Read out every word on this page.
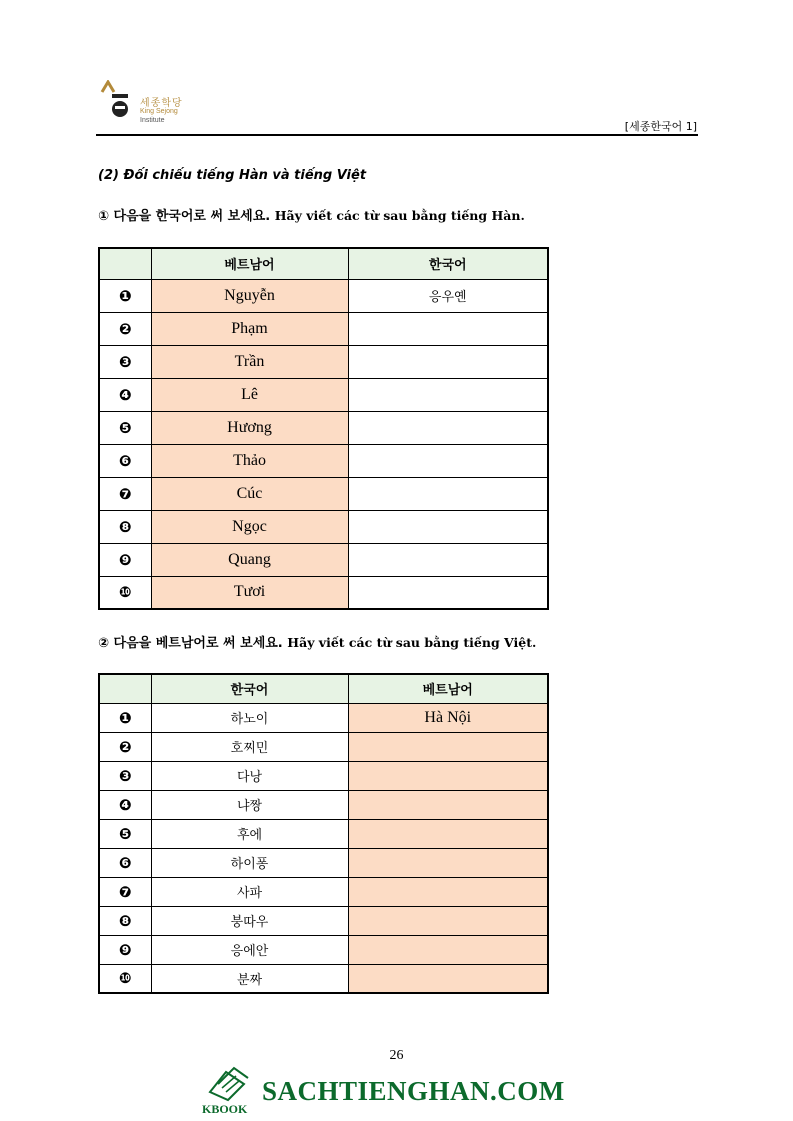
세종학당
King Sejong
Institute	[세종한국어 1]
(2) Đối chiếu tiếng Hàn và tiếng Việt
① 다음을 한국어로 써 보세요. Hãy viết các từ sau bằng tiếng Hàn.
	베트남어	한국어
❶	Nguyễn	응우옌
❷	Phạm	
❸	Trần	
❹	Lê	
❺	Hương	
❻	Thảo	
❼	Cúc	
❽	Ngọc	
❾	Quang	
❿	Tươi	
② 다음을 베트남어로 써 보세요. Hãy viết các từ sau bằng tiếng Việt.
	한국어	베트남어
❶	하노이	Hà Nội
❷	호찌민	
❸	다낭	
❹	냐짱	
❺	후에	
❻	하이퐁	
❼	사파	
❽	붕따우	
❾	응에안	
❿	분짜	
26
KBOOK
SACHTIENGHAN.COM
